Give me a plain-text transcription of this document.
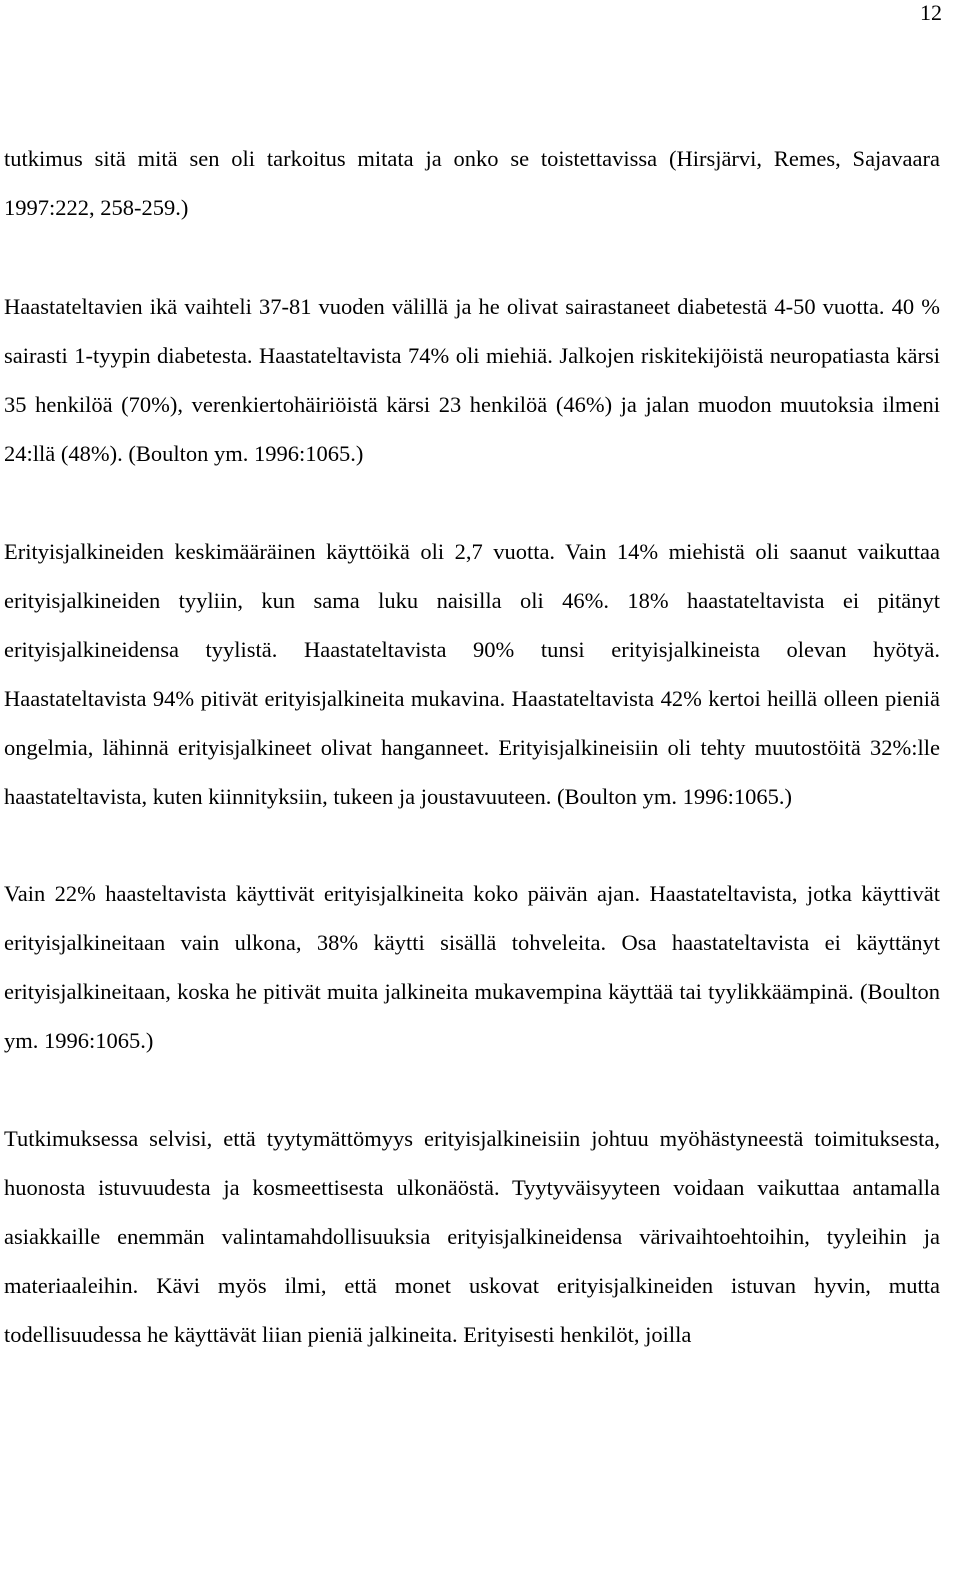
12

tutkimus sitä mitä sen oli tarkoitus mitata ja onko se toistettavissa (Hirsjärvi, Remes, Sajavaara 1997:222, 258-259.)

Haastateltavien ikä vaihteli 37-81 vuoden välillä ja he olivat sairastaneet diabetestä 4-50 vuotta. 40 % sairasti 1-tyypin diabetesta. Haastateltavista 74% oli miehiä. Jalkojen riskitekijöistä neuropatiasta kärsi 35 henkilöä (70%), verenkiertohäiriöistä kärsi 23 henkilöä (46%) ja jalan muodon muutoksia ilmeni 24:llä (48%). (Boulton ym. 1996:1065.)

Erityisjalkineiden keskimääräinen käyttöikä oli 2,7 vuotta. Vain 14% miehistä oli saanut vaikuttaa erityisjalkineiden tyyliin, kun sama luku naisilla oli 46%. 18% haastateltavista ei pitänyt erityisjalkineidensa tyylistä. Haastateltavista 90% tunsi erityisjalkineista olevan hyötyä. Haastateltavista 94% pitivät erityisjalkineita mukavina. Haastateltavista 42% kertoi heillä olleen pieniä ongelmia, lähinnä erityisjalkineet olivat hanganneet. Erityisjalkineisiin oli tehty muutostöitä 32%:lle haastateltavista, kuten kiinnityksiin, tukeen ja joustavuuteen. (Boulton ym. 1996:1065.)

Vain 22% haasteltavista käyttivät erityisjalkineita koko päivän ajan. Haastateltavista, jotka käyttivät erityisjalkineitaan vain ulkona, 38% käytti sisällä tohveleita. Osa haastateltavista ei käyttänyt erityisjalkineitaan, koska he pitivät muita jalkineita mukavempina käyttää tai tyylikkäämpinä. (Boulton ym. 1996:1065.)

Tutkimuksessa selvisi, että tyytymättömyys erityisjalkineisiin johtuu myöhästyneestä toimituksesta, huonosta istuvuudesta ja kosmeettisesta ulkonäöstä. Tyytyväisyyteen voidaan vaikuttaa antamalla asiakkaille enemmän valintamahdollisuuksia erityisjalkineidensa värivaihtoehtoihin, tyyleihin ja materiaaleihin. Kävi myös ilmi, että monet uskovat erityisjalkineiden istuvan hyvin, mutta todellisuudessa he käyttävät liian pieniä jalkineita. Erityisesti henkilöt, joilla
